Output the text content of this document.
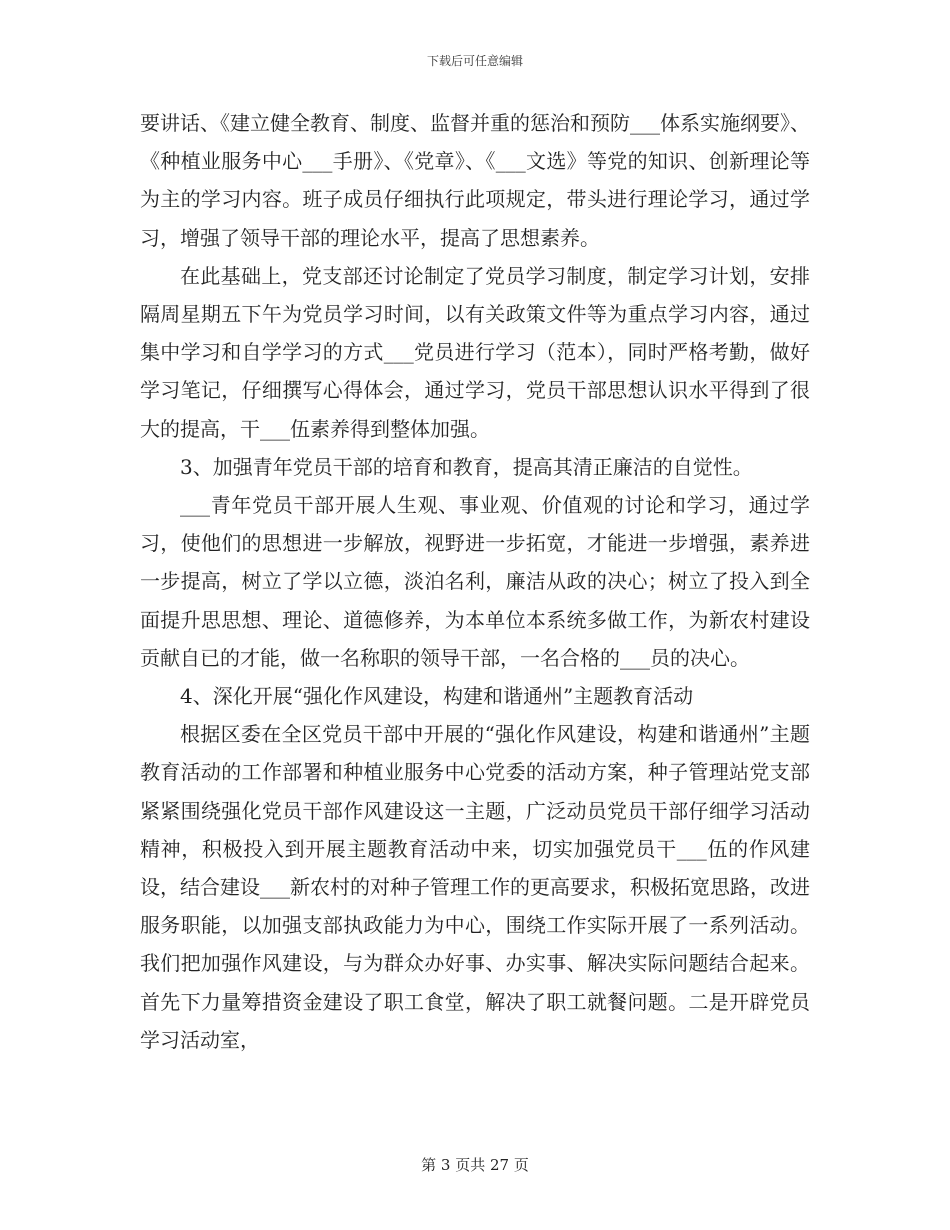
下载后可任意编辑

要讲话、《建立健全教育、制度、监督并重的惩治和预防___体系实施纲要》、《种植业服务中心___手册》、《党章》、《___文选》等党的知识、创新理论等为主的学习内容。班子成员仔细执行此项规定，带头进行理论学习，通过学习，增强了领导干部的理论水平，提高了思想素养。

在此基础上，党支部还讨论制定了党员学习制度，制定学习计划，安排隔周星期五下午为党员学习时间，以有关政策文件等为重点学习内容，通过集中学习和自学学习的方式___党员进行学习（范本），同时严格考勤，做好学习笔记，仔细撰写心得体会，通过学习，党员干部思想认识水平得到了很大的提高，干___伍素养得到整体加强。

3、加强青年党员干部的培育和教育，提高其清正廉洁的自觉性。

___青年党员干部开展人生观、事业观、价值观的讨论和学习，通过学习，使他们的思想进一步解放，视野进一步拓宽，才能进一步增强，素养进一步提高，树立了学以立德，淡泊名利，廉洁从政的决心；树立了投入到全面提升思思想、理论、道德修养，为本单位本系统多做工作，为新农村建设贡献自已的才能，做一名称职的领导干部，一名合格的___员的决心。

4、深化开展“强化作风建设，构建和谐通州”主题教育活动

根据区委在全区党员干部中开展的“强化作风建设，构建和谐通州”主题教育活动的工作部署和种植业服务中心党委的活动方案，种子管理站党支部紧紧围绕强化党员干部作风建设这一主题，广泛动员党员干部仔细学习活动精神，积极投入到开展主题教育活动中来，切实加强党员干___伍的作风建设，结合建设___新农村的对种子管理工作的更高要求，积极拓宽思路，改进服务职能，以加强支部执政能力为中心，围绕工作实际开展了一系列活动。我们把加强作风建设，与为群众办好事、办实事、解决实际问题结合起来。首先下力量筹措资金建设了职工食堂，解决了职工就餐问题。二是开辟党员学习活动室，

第 3 页共 27 页
